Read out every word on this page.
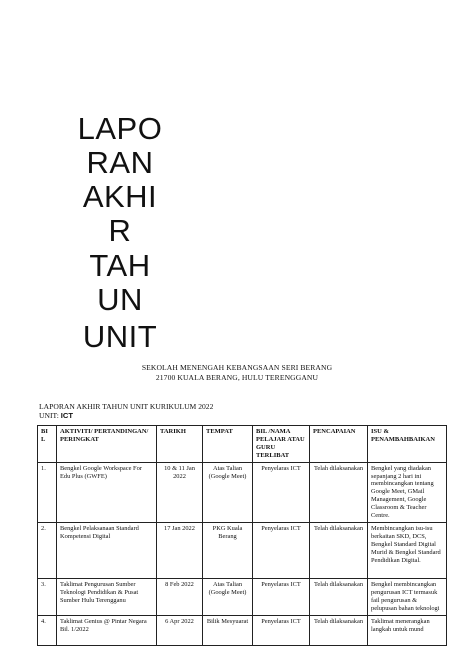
LAPO
RAN
AKHI
R
TAH
UN
UNIT
SEKOLAH MENENGAH KEBANGSAAN SERI BERANG
21700 KUALA BERANG, HULU TERENGGANU
LAPORAN AKHIR TAHUN UNIT KURIKULUM 2022
UNIT: ICT
BI L	AKTIVITI/ PERTANDINGAN/ PERINGKAT	TARIKH	TEMPAT	BIL /NAMA PELAJAR ATAU GURU TERLIBAT	PENCAPAIAN	ISU & PENAMBAHBAIKAN
1.	Bengkel Google Workspace For Edu Plus (GWFE)	10 & 11 Jan 2022	Atas Talian (Google Meet)	Penyelaras ICT	Telah dilaksanakan	Bengkel yang diadakan sepanjang 2 hari ini membincangkan tentang Google Meet, GMail Management, Google Classroom & Teacher Centre.
2.	Bengkel Pelaksanaan Standard Kompetensi Digital	17 Jan 2022	PKG Kuala Berang	Penyelaras ICT	Telah dilaksanakan	Membincangkan isu-isu berkaitan SKD, DCS, Bengkel Standard Digital Murid & Bengkel Standard Pendidikan Digital.
3.	Taklimat Pengurusan Sumber Teknologi Pendidikan & Pusat Sumber Hulu Terengganu	8 Feb 2022	Atas Talian (Google Meet)	Penyelaras ICT	Telah dilaksanakan	Bengkel membincangkan pengurusan ICT termasuk fail pengurusan & pelupusan bahan teknologi
4.	Taklimat Genius @ Pintar Negara Bil. 1/2022	6 Apr 2022	Bilik Mesyuarat	Penyelaras ICT	Telah dilaksanakan	Taklimat menerangkan langkah untuk mund
